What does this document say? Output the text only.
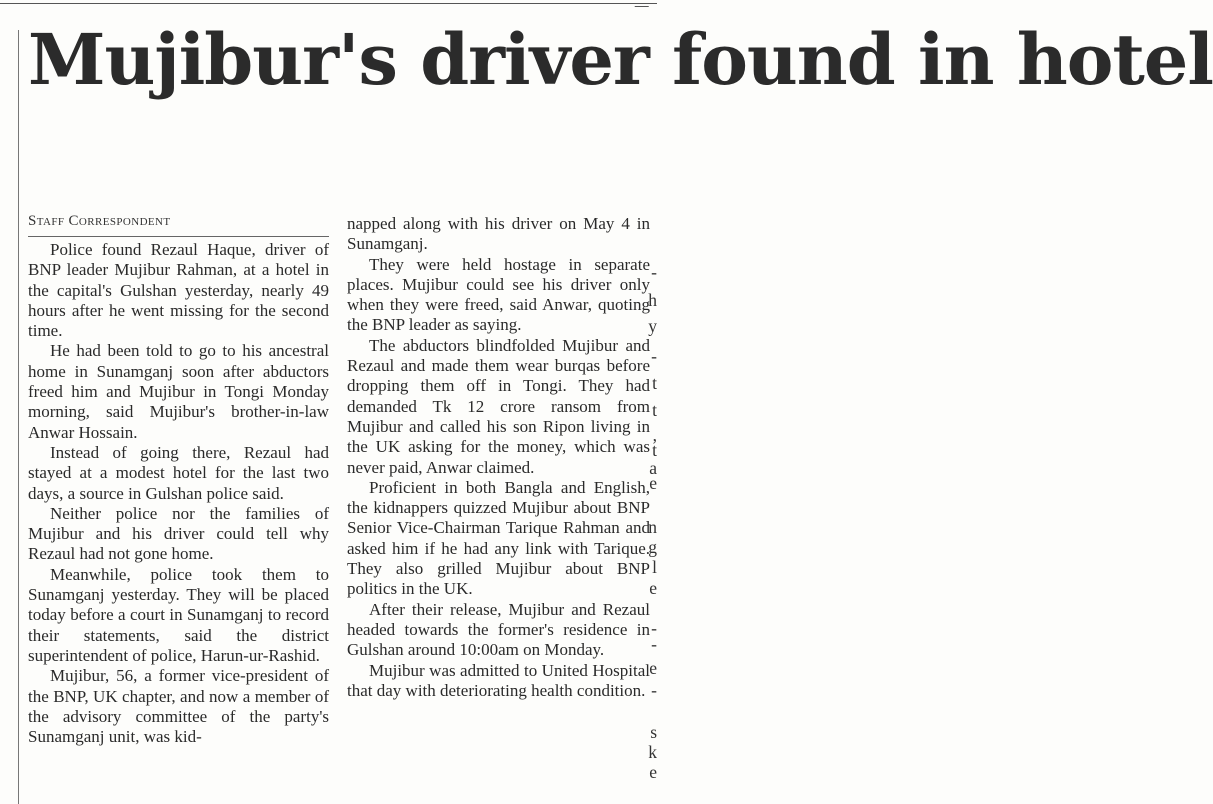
-
h
y
-
t
t
,
t
a
e
n
g
l
e
-
-
e
-
s
k
e
Mujibur's driver found in hotel
Staff Correspondent

Police found Rezaul Haque, driver of BNP leader Mujibur Rahman, at a hotel in the capital's Gulshan yesterday, nearly 49 hours after he went missing for the second time.

He had been told to go to his ancestral home in Sunamganj soon after abductors freed him and Mujibur in Tongi Monday morning, said Mujibur's brother-in-law Anwar Hossain.

Instead of going there, Rezaul had stayed at a modest hotel for the last two days, a source in Gulshan police said.

Neither police nor the families of Mujibur and his driver could tell why Rezaul had not gone home.

Meanwhile, police took them to Sunamganj yesterday. They will be placed today before a court in Sunamganj to record their statements, said the district superintendent of police, Harun-ur-Rashid.

Mujibur, 56, a former vice-president of the BNP, UK chapter, and now a member of the advisory committee of the party's Sunamganj unit, was kid-

napped along with his driver on May 4 in Sunamganj.

They were held hostage in separate places. Mujibur could see his driver only when they were freed, said Anwar, quoting the BNP leader as saying.

The abductors blindfolded Mujibur and Rezaul and made them wear burqas before dropping them off in Tongi. They had demanded Tk 12 crore ransom from Mujibur and called his son Ripon living in the UK asking for the money, which was never paid, Anwar claimed.

Proficient in both Bangla and English, the kidnappers quizzed Mujibur about BNP Senior Vice-Chairman Tarique Rahman and asked him if he had any link with Tarique. They also grilled Mujibur about BNP politics in the UK.

After their release, Mujibur and Rezaul headed towards the former's residence in Gulshan around 10:00am on Monday.

Mujibur was admitted to United Hospital that day with deteriorating health condition.
